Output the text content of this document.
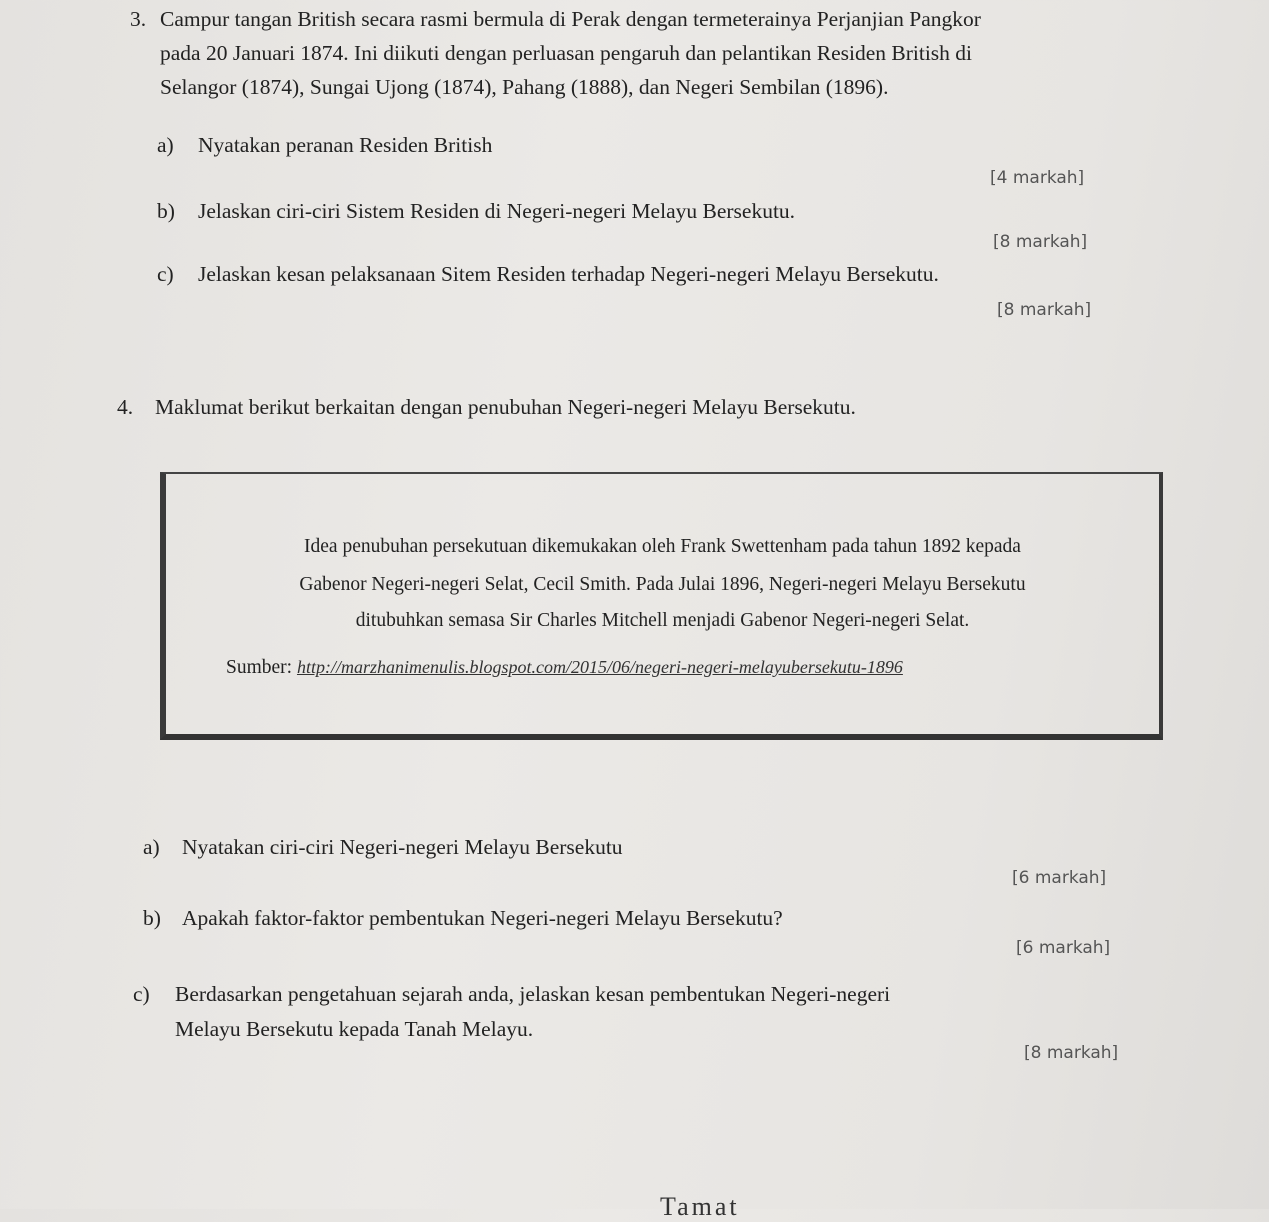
3. Campur tangan British secara rasmi bermula di Perak dengan termeterainya Perjanjian Pangkor
pada 20 Januari 1874. Ini diikuti dengan perluasan pengaruh dan pelantikan Residen British di
Selangor (1874), Sungai Ujong (1874), Pahang (1888), dan Negeri Sembilan (1896).
a) Nyatakan peranan Residen British
[4 markah]
b) Jelaskan ciri-ciri Sistem Residen di Negeri-negeri Melayu Bersekutu.
[8 markah]
c) Jelaskan kesan pelaksanaan Sitem Residen terhadap Negeri-negeri Melayu Bersekutu.
[8 markah]
4. Maklumat berikut berkaitan dengan penubuhan Negeri-negeri Melayu Bersekutu.
Idea penubuhan persekutuan dikemukakan oleh Frank Swettenham pada tahun 1892 kepada
Gabenor Negeri-negeri Selat, Cecil Smith. Pada Julai 1896, Negeri-negeri Melayu Bersekutu
ditubuhkan semasa Sir Charles Mitchell menjadi Gabenor Negeri-negeri Selat.
Sumber: http://marzhanimenulis.blogspot.com/2015/06/negeri-negeri-melayubersekutu-1896
a) Nyatakan ciri-ciri Negeri-negeri Melayu Bersekutu
[6 markah]
b) Apakah faktor-faktor pembentukan Negeri-negeri Melayu Bersekutu?
[6 markah]
c) Berdasarkan pengetahuan sejarah anda, jelaskan kesan pembentukan Negeri-negeri
Melayu Bersekutu kepada Tanah Melayu.
[8 markah]
Tamat
